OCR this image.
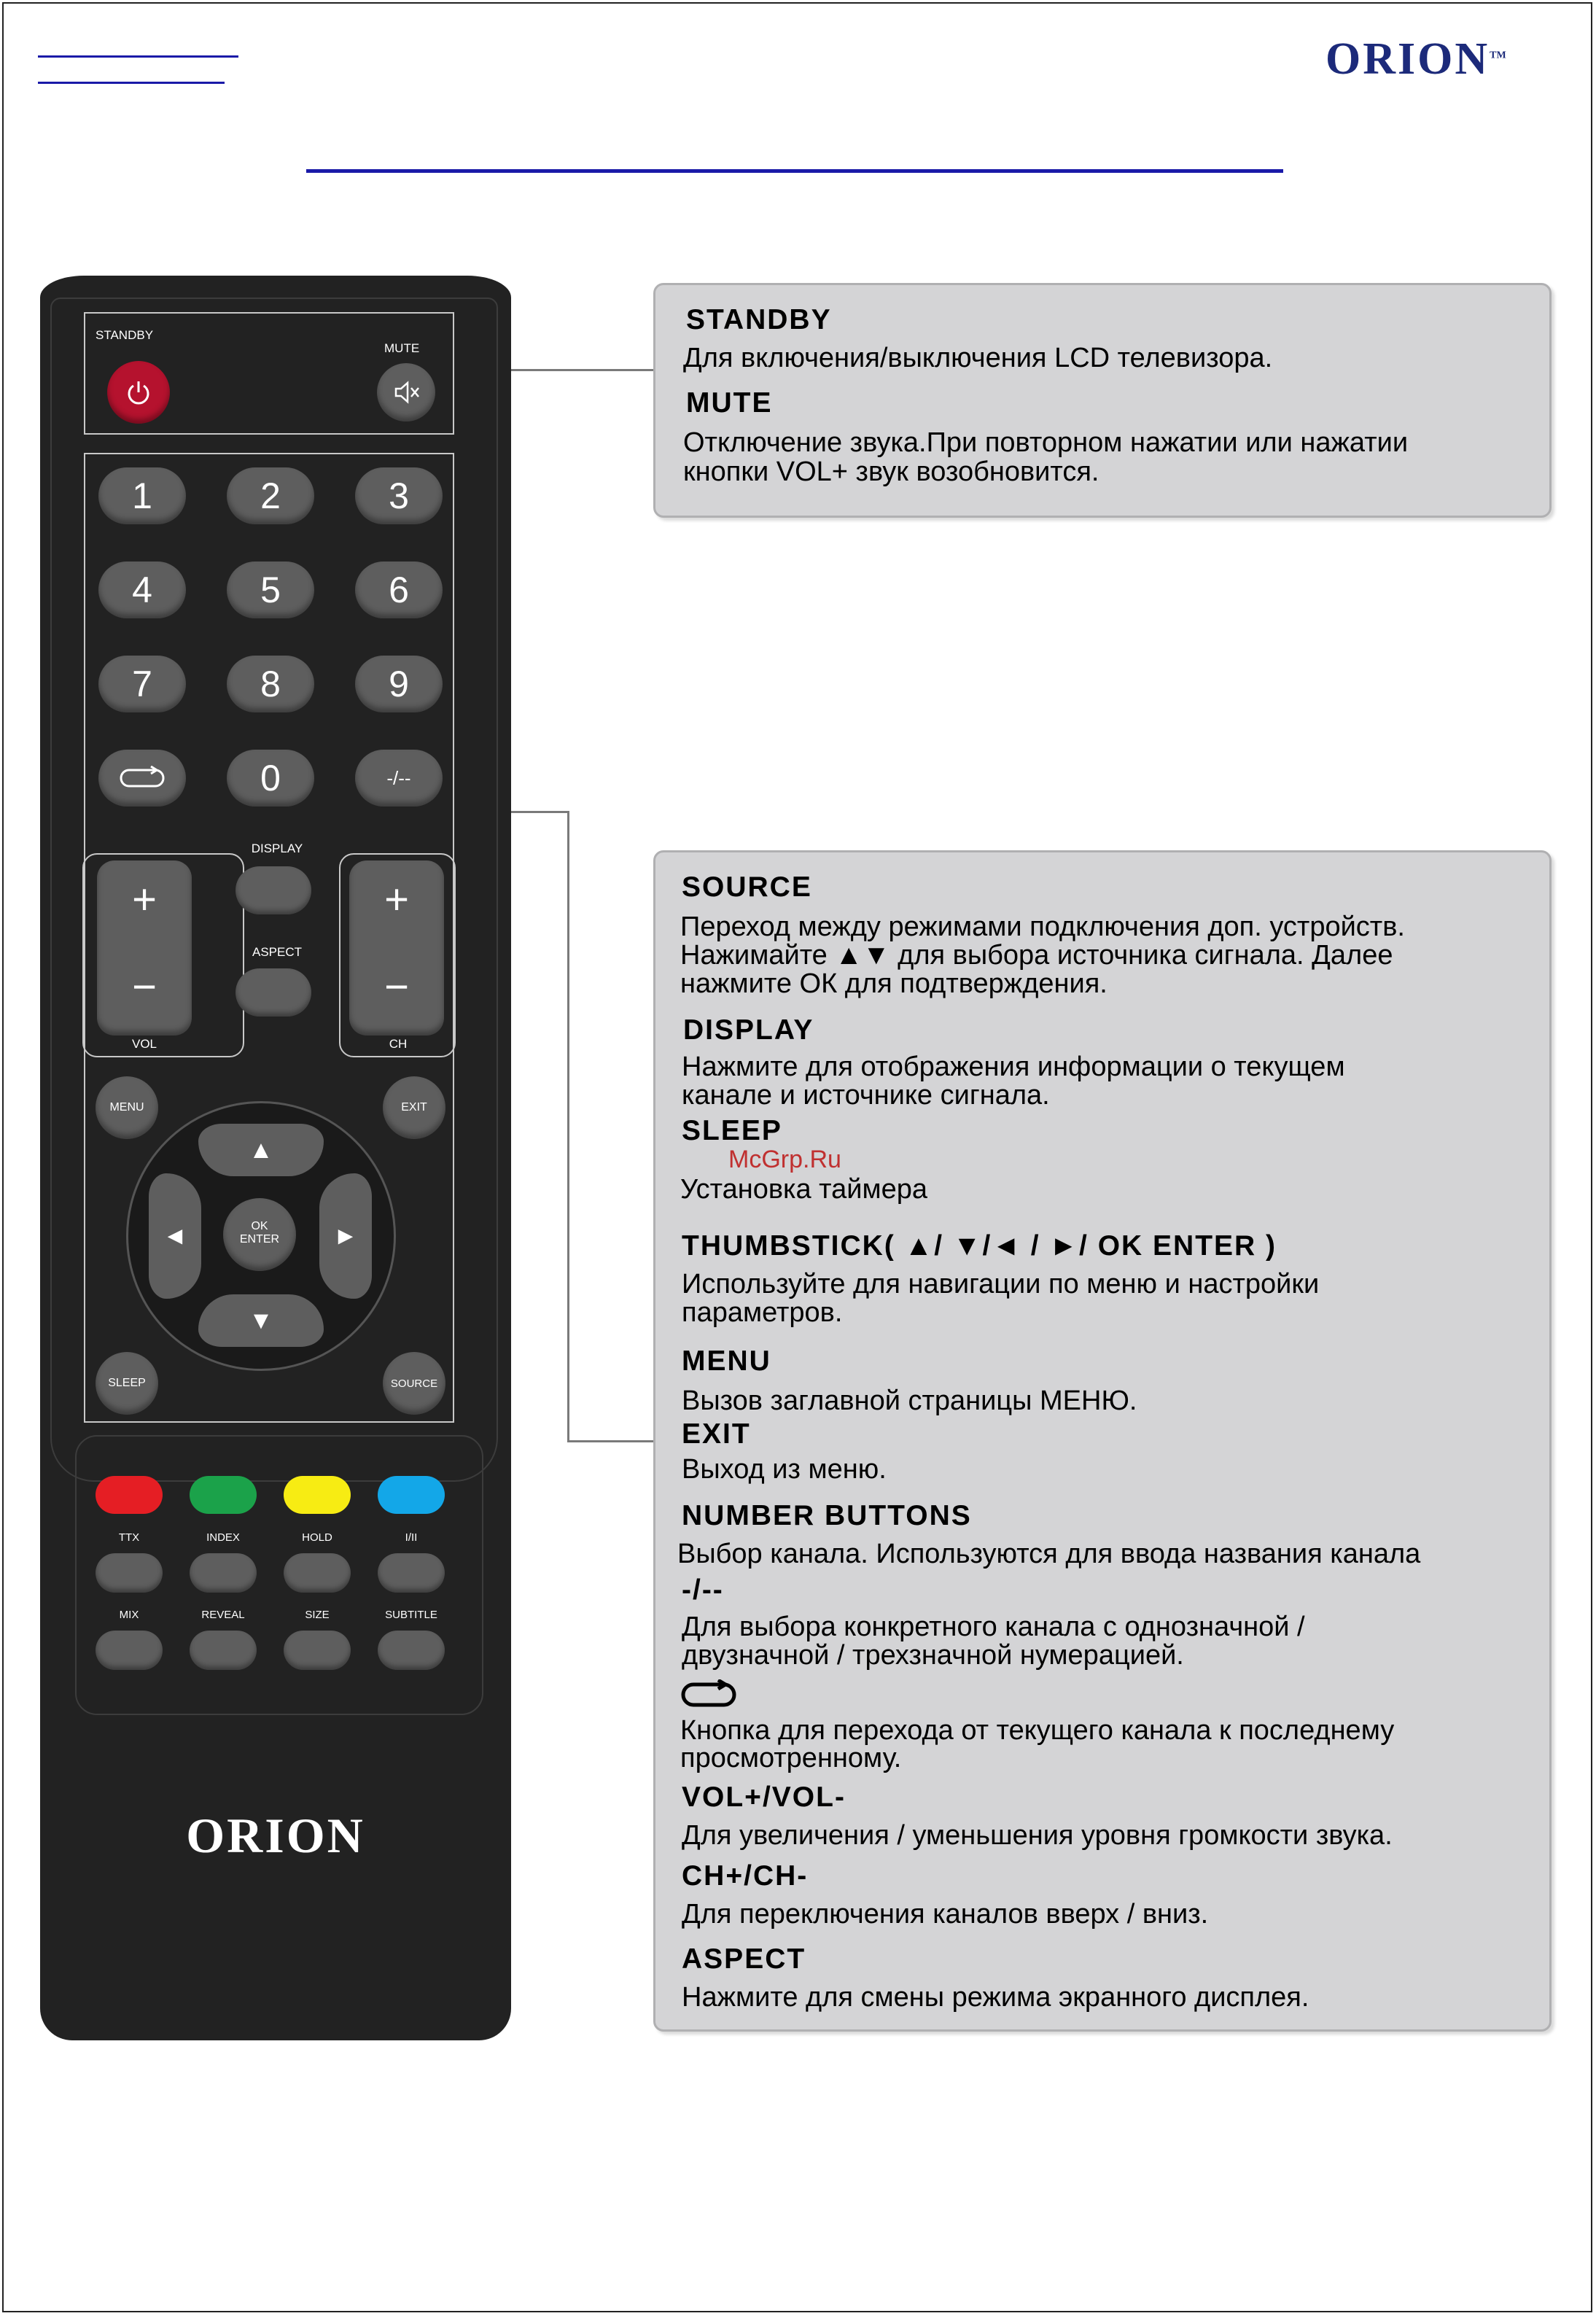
ORION™
STANDBY
MUTE
1	2	3
4	5	6
7	8	9
0	-/--
+
−
VOL
+
−
CH
DISPLAY
ASPECT
MENU	EXIT
▲
▼
◄	►
OK
ENTER
SLEEP	SOURCE
TTX	INDEX	HOLD	I/II
MIX	REVEAL	SIZE	SUBTITLE
ORION
STANDBY
Для включения/выключения LCD телевизора.
MUTE
Отключение звука.При повторном нажатии или нажатии
кнопки VOL+ звук возобновится.
SOURCE
Переход между режимами подключения доп. устройств.
Нажимайте ▲▼ для выбора источника сигнала. Далее
нажмите ОК для подтверждения.
DISPLAY
Нажмите для отображения информации о текущем
канале и источнике сигнала.
SLEEP
McGrp.Ru
Установка таймера
THUMBSTICK( ▲/ ▼/◄ / ►/ OK ENTER )
Используйте для навигации по меню и настройки
параметров.
MENU
Вызов заглавной страницы МЕНЮ.
EXIT
Выход из меню.
NUMBER BUTTONS
Выбор канала. Используются для ввода названия канала
-/--
Для выбора конкретного канала с однозначной /
двузначной / трехзначной нумерацией.
Кнопка для перехода от текущего канала к последнему
просмотренному.
VOL+/VOL-
Для увеличения / уменьшения уровня громкости звука.
CH+/CH-
Для переключения каналов вверх / вниз.
ASPECT
Нажмите для смены режима экранного дисплея.
